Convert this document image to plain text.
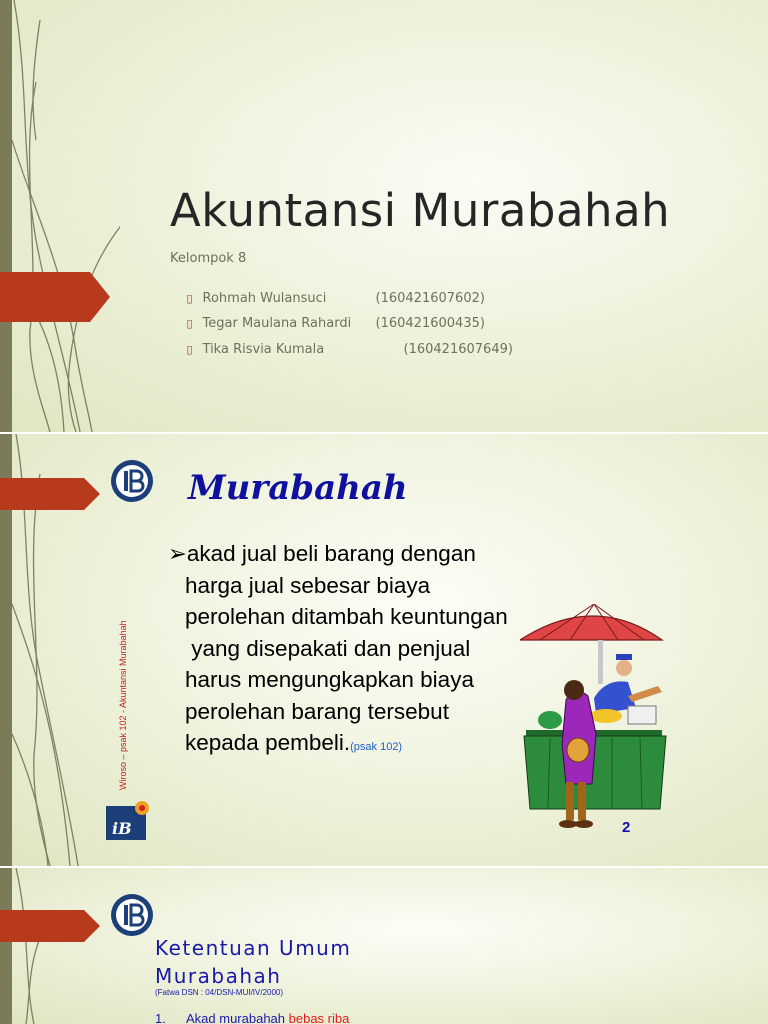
Akuntansi Murabahah
Kelompok 8

▯ Rohmah Wulansuci	(160421607602)

▯ Tegar Maulana Rahardi (160421600435)

▯ Tika Risvia Kumala	(160421607649)

Murabahah
Wiroso – psak 102 - Akuntansi Murabahah
iB
➢akad jual beli barang dengan
harga jual sebesar biaya
perolehan ditambah keuntungan
yang disepakati dan penjual
harus mengungkapkan biaya
perolehan barang tersebut
kepada pembeli.(psak 102)
2
Ketentuan Umum
Murabahah
(Fatwa DSN : 04/DSN-MUI/IV/2000)
1. Akad murabahah bebas riba
